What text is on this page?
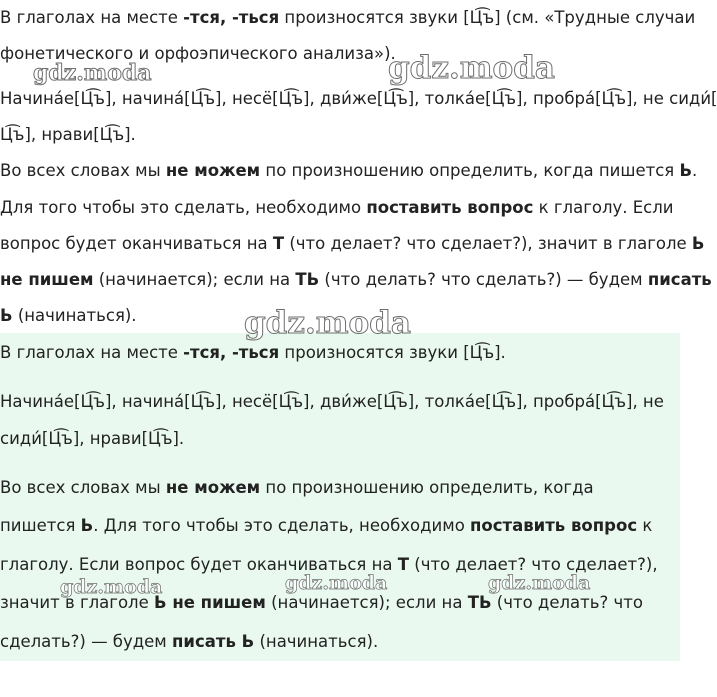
В глаголах на месте -тся, -ться произносятся звуки [Ц͡ъ] (см. «Трудные случаи
фонетического и орфоэпического анализа»).
Начина́е[Ц͡ъ], начина́[Ц͡ъ], несё[Ц͡ъ], дви́же[Ц͡ъ], толка́е[Ц͡ъ], пробра́[Ц͡ъ], не сиди́[
Ц͡ъ], нрави[Ц͡ъ].
Во всех словах мы не можем по произношению определить, когда пишется Ь.
Для того чтобы это сделать, необходимо поставить вопрос к глаголу. Если
вопрос будет оканчиваться на Т (что делает? что сделает?), значит в глаголе Ь
не пишем (начинается); если на ТЬ (что делать? что сделать?) — будем писать
Ь (начинаться).
В глаголах на месте -тся, -ться произносятся звуки [Ц͡ъ].
Начина́е[Ц͡ъ], начина́[Ц͡ъ], несё[Ц͡ъ], дви́же[Ц͡ъ], толка́е[Ц͡ъ], пробра́[Ц͡ъ], не
сиди́[Ц͡ъ], нрави[Ц͡ъ].
Во всех словах мы не можем по произношению определить, когда
пишется Ь. Для того чтобы это сделать, необходимо поставить вопрос к
глаголу. Если вопрос будет оканчиваться на Т (что делает? что сделает?),
значит в глаголе Ь не пишем (начинается); если на ТЬ (что делать? что
сделать?) — будем писать Ь (начинаться).
gdz.moda	gdz.moda
gdz.moda
gdz.moda	gdz.moda	gdz.moda
